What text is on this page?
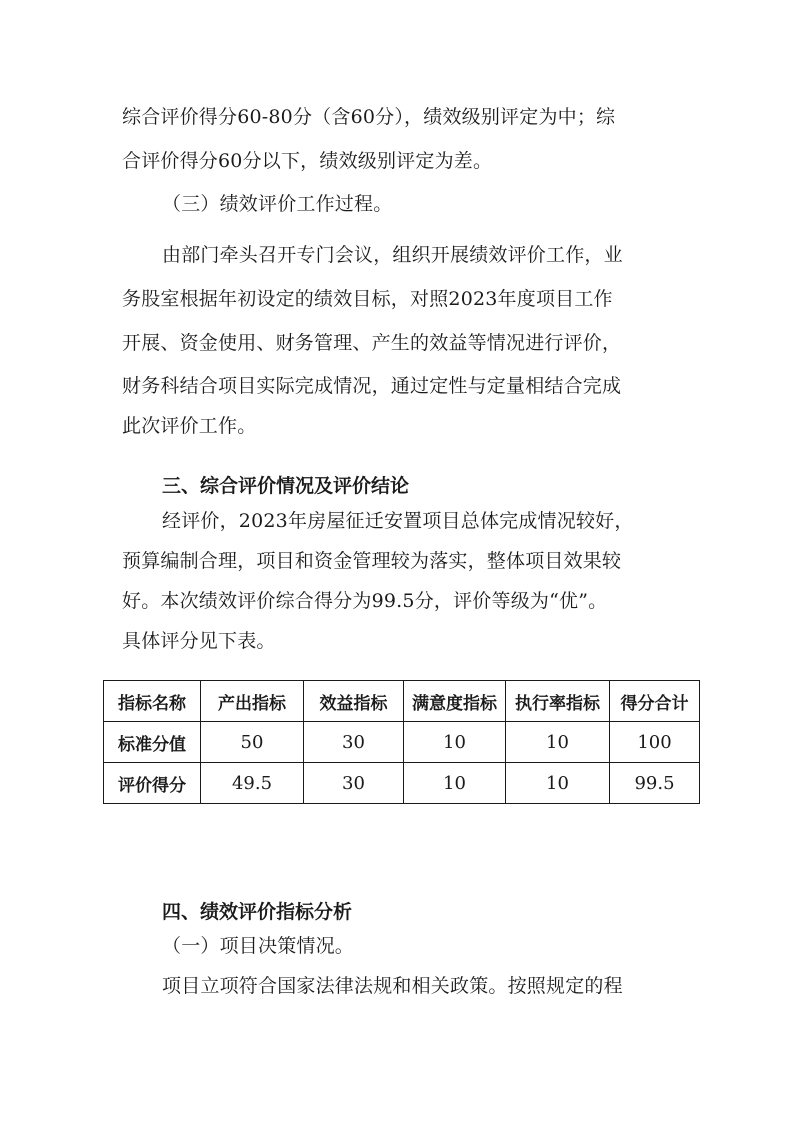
综合评价得分60-80分（含60分），绩效级别评定为中；综
合评价得分60分以下，绩效级别评定为差。
（三）绩效评价工作过程。
由部门牵头召开专门会议，组织开展绩效评价工作，业
务股室根据年初设定的绩效目标，对照2023年度项目工作
开展、资金使用、财务管理、产生的效益等情况进行评价，
财务科结合项目实际完成情况，通过定性与定量相结合完成
此次评价工作。
三、综合评价情况及评价结论
经评价，2023年房屋征迁安置项目总体完成情况较好，
预算编制合理，项目和资金管理较为落实，整体项目效果较
好。本次绩效评价综合得分为99.5分，评价等级为“优”。
具体评分见下表。
指标名称	产出指标	效益指标	满意度指标	执行率指标	得分合计
标准分值	50	30	10	10	100
评价得分	49.5	30	10	10	99.5
四、绩效评价指标分析
（一）项目决策情况。
项目立项符合国家法律法规和相关政策。按照规定的程
